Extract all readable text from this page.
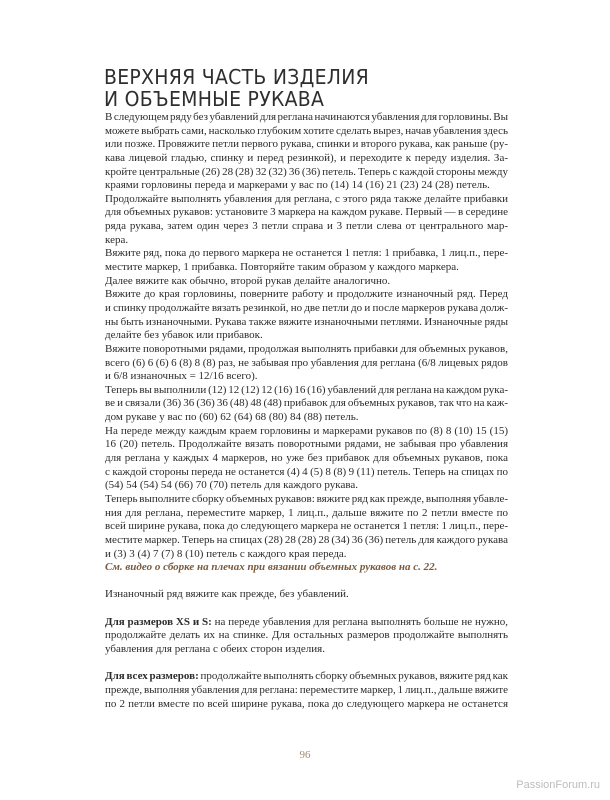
ВЕРХНЯЯ ЧАСТЬ ИЗДЕЛИЯ
И ОБЪЕМНЫЕ РУКАВА
В следующем ряду без убавлений для реглана начинаются убавления для горловины. Вы
можете выбрать сами, насколько глубоким хотите сделать вырез, начав убавления здесь
или позже. Провяжите петли первого рукава, спинки и второго рукава, как раньше (ру-
кава лицевой гладью, спинку и перед резинкой), и переходите к переду изделия. За-
кройте центральные (26) 28 (28) 32 (32) 36 (36) петель. Теперь с каждой стороны между
краями горловины переда и маркерами у вас по (14) 14 (16) 21 (23) 24 (28) петель.
Продолжайте выполнять убавления для реглана, с этого ряда также делайте прибавки
для объемных рукавов: установите 3 маркера на каждом рукаве. Первый — в середине
ряда рукава, затем один через 3 петли справа и 3 петли слева от центрального мар-
кера.
Вяжите ряд, пока до первого маркера не останется 1 петля: 1 прибавка, 1 лиц.п., пере-
местите маркер, 1 прибавка. Повторяйте таким образом у каждого маркера.
Далее вяжите как обычно, второй рукав делайте аналогично.
Вяжите до края горловины, поверните работу и продолжите изнаночный ряд. Перед
и спинку продолжайте вязать резинкой, но две петли до и после маркеров рукава долж-
ны быть изнаночными. Рукава также вяжите изнаночными петлями. Изнаночные ряды
делайте без убавок или прибавок.
Вяжите поворотными рядами, продолжая выполнять прибавки для объемных рукавов,
всего (6) 6 (6) 6 (8) 8 (8) раз, не забывая про убавления для реглана (6/8 лицевых рядов
и 6/8 изнаночных = 12/16 всего).
Теперь вы выполнили (12) 12 (12) 12 (16) 16 (16) убавлений для реглана на каждом рука-
ве и связали (36) 36 (36) 36 (48) 48 (48) прибавок для объемных рукавов, так что на каж-
дом рукаве у вас по (60) 62 (64) 68 (80) 84 (88) петель.
На переде между каждым краем горловины и маркерами рукавов по (8) 8 (10) 15 (15)
16 (20) петель. Продолжайте вязать поворотными рядами, не забывая про убавления
для реглана у каждых 4 маркеров, но уже без прибавок для объемных рукавов, пока
с каждой стороны переда не останется (4) 4 (5) 8 (8) 9 (11) петель. Теперь на спицах по
(54) 54 (54) 54 (66) 70 (70) петель для каждого рукава.
Теперь выполните сборку объемных рукавов: вяжите ряд как прежде, выполняя убавле-
ния для реглана, переместите маркер, 1 лиц.п., дальше вяжите по 2 петли вместе по
всей ширине рукава, пока до следующего маркера не останется 1 петля: 1 лиц.п., пере-
местите маркер. Теперь на спицах (28) 28 (28) 28 (34) 36 (36) петель для каждого рукава
и (3) 3 (4) 7 (7) 8 (10) петель с каждого края переда.
См. видео о сборке на плечах при вязании объемных рукавов на с. 22.
Изнаночный ряд вяжите как прежде, без убавлений.
Для размеров XS и S: на переде убавления для реглана выполнять больше не нужно,
продолжайте делать их на спинке. Для остальных размеров продолжайте выполнять
убавления для реглана с обеих сторон изделия.
Для всех размеров: продолжайте выполнять сборку объемных рукавов, вяжите ряд как
прежде, выполняя убавления для реглана: переместите маркер, 1 лиц.п., дальше вяжите
по 2 петли вместе по всей ширине рукава, пока до следующего маркера не останется
96
PassionForum.ru
